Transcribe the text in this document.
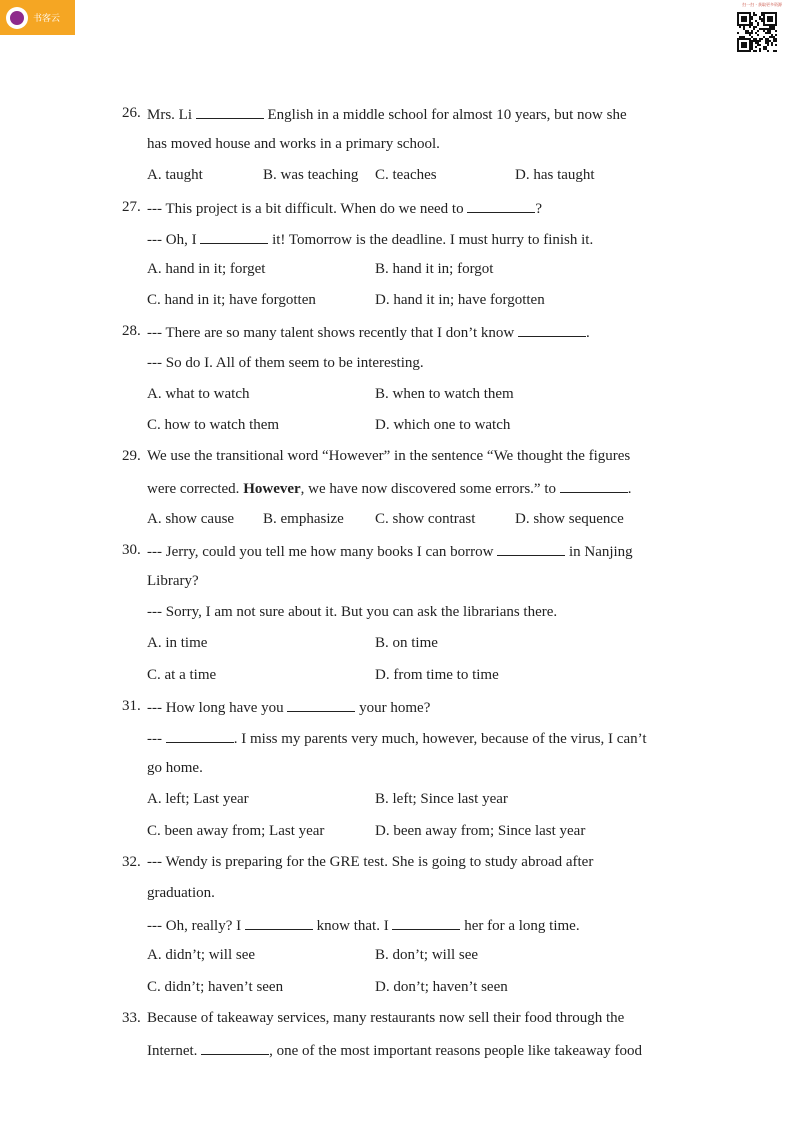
书客云
扫一扫 · 获取更多资源
26. Mrs. Li	English in a middle school for almost 10 years, but now she
has moved house and works in a primary school.
A. taught	B. was teaching C. teaches	D. has taught
27. --- This project is a bit difficult. When do we need to	?
--- Oh, I	it! Tomorrow is the deadline. I must hurry to finish it.
A. hand in it; forget	B. hand it in; forgot
C. hand in it; have forgotten	D. hand it in; have forgotten
28. --- There are so many talent shows recently that I don’t know	.
--- So do I. All of them seem to be interesting.
A. what to watch	B. when to watch them
C. how to watch them	D. which one to watch
29. We use the transitional word “However” in the sentence “We thought the figures
were corrected. However, we have now discovered some errors.” to	.
A. show cause B. emphasize C. show contrast	D. show sequence
30. --- Jerry, could you tell me how many books I can borrow	in Nanjing
Library?
--- Sorry, I am not sure about it. But you can ask the librarians there.
A. in time	B. on time
C. at a time	D. from time to time
31. --- How long have you	your home?
---	. I miss my parents very much, however, because of the virus, I can’t
go home.
A. left; Last year	B. left; Since last year
C. been away from; Last year	D. been away from; Since last year
32. --- Wendy is preparing for the GRE test. She is going to study abroad after
graduation.
--- Oh, really? I	know that. I	her for a long time.
A. didn’t; will see	B. don’t; will see
C. didn’t; haven’t seen	D. don’t; haven’t seen
33. Because of takeaway services, many restaurants now sell their food through the
Internet.	, one of the most important reasons people like takeaway food
